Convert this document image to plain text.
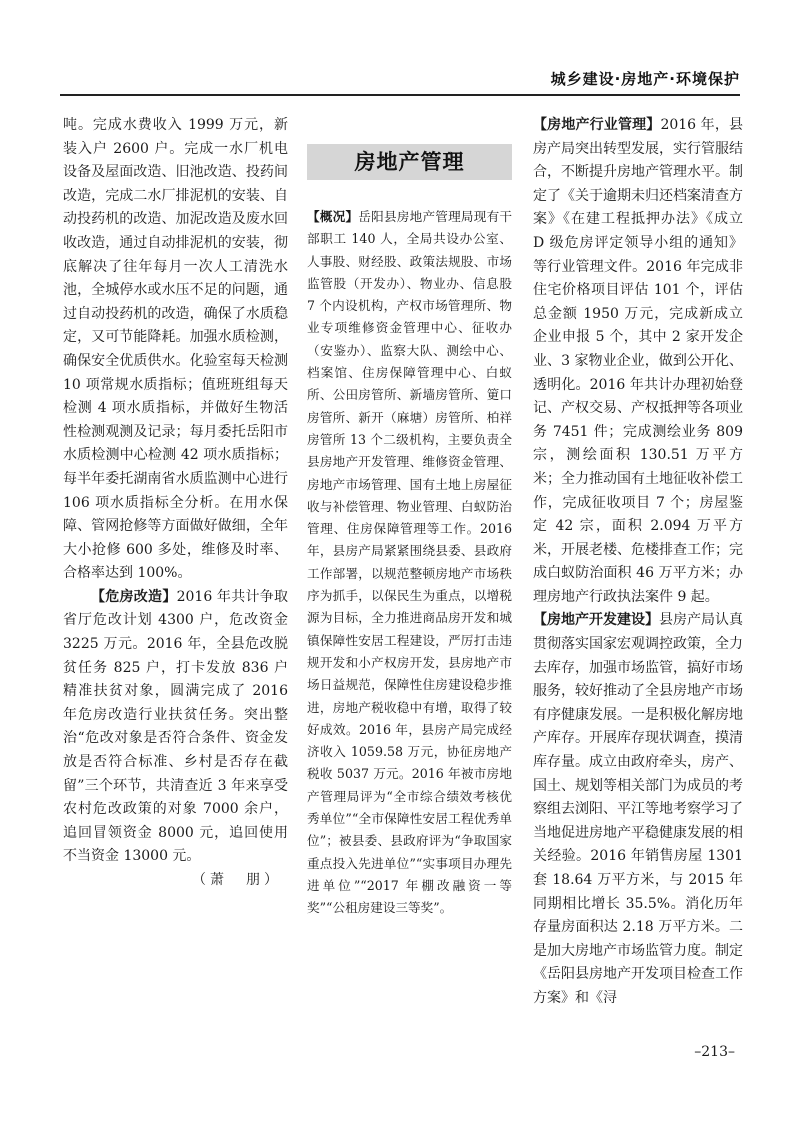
城乡建设·房地产·环境保护

吨。完成水费收入 1999 万元，新装入户 2600 户。完成一水厂机电设备及屋面改造、旧池改造、投药间改造，完成二水厂排泥机的安装、自动投药机的改造、加泥改造及废水回收改造，通过自动排泥机的安装，彻底解决了往年每月一次人工清洗水池，全城停水或水压不足的问题，通过自动投药机的改造，确保了水质稳定，又可节能降耗。加强水质检测，确保安全优质供水。化验室每天检测 10 项常规水质指标；值班班组每天检测 4 项水质指标，并做好生物活性检测观测及记录；每月委托岳阳市水质检测中心检测 42 项水质指标；每半年委托湖南省水质监测中心进行 106 项水质指标全分析。在用水保障、管网抢修等方面做好做细，全年大小抢修 600 多处，维修及时率、合格率达到 100%。

【危房改造】2016 年共计争取省厅危改计划 4300 户，危改资金 3225 万元。2016 年，全县危改脱贫任务 825 户，打卡发放 836 户精准扶贫对象，圆满完成了 2016 年危房改造行业扶贫任务。突出整治“危改对象是否符合条件、资金发放是否符合标准、乡村是否存在截留”三个环节，共清查近 3 年来享受农村危改政策的对象 7000 余户，追回冒领资金 8000 元，追回使用不当资金 13000 元。

（萧　朋）
房地产管理

【概况】岳阳县房地产管理局现有干部职工 140 人，全局共设办公室、人事股、财经股、政策法规股、市场监管股（开发办）、物业办、信息股 7 个内设机构，产权市场管理所、物业专项维修资金管理中心、征收办（安鉴办）、监察大队、测绘中心、档案馆、住房保障管理中心、白蚁所、公田房管所、新墙房管所、筻口房管所、新开（麻塘）房管所、柏祥房管所 13 个二级机构，主要负责全县房地产开发管理、维修资金管理、房地产市场管理、国有土地上房屋征收与补偿管理、物业管理、白蚁防治管理、住房保障管理等工作。2016 年，县房产局紧紧围绕县委、县政府工作部署，以规范整顿房地产市场秩序为抓手，以保民生为重点，以增税源为目标，全力推进商品房开发和城镇保障性安居工程建设，严厉打击违规开发和小产权房开发，县房地产市场日益规范，保障性住房建设稳步推进，房地产税收稳中有增，取得了较好成效。2016 年，县房产局完成经济收入 1059.58 万元，协征房地产税收 5037 万元。2016 年被市房地产管理局评为“全市综合绩效考核优秀单位”“全市保障性安居工程优秀单位”；被县委、县政府评为“争取国家重点投入先进单位”“实事项目办理先进单位”“2017 年棚改融资一等奖”“公租房建设三等奖”。

【房地产行业管理】2016 年，县房产局突出转型发展，实行管服结合，不断提升房地产管理水平。制定了《关于逾期未归还档案清查方案》《在建工程抵押办法》《成立 D 级危房评定领导小组的通知》等行业管理文件。2016 年完成非住宅价格项目评估 101 个，评估总金额 1950 万元，完成新成立企业申报 5 个，其中 2 家开发企业、3 家物业企业，做到公开化、透明化。2016 年共计办理初始登记、产权交易、产权抵押等各项业务 7451 件；完成测绘业务 809 宗，测绘面积 130.51 万平方米；全力推动国有土地征收补偿工作，完成征收项目 7 个；房屋鉴定 42 宗，面积 2.094 万平方米，开展老楼、危楼排查工作；完成白蚁防治面积 46 万平方米；办理房地产行政执法案件 9 起。

【房地产开发建设】县房产局认真贯彻落实国家宏观调控政策，全力去库存，加强市场监管，搞好市场服务，较好推动了全县房地产市场有序健康发展。一是积极化解房地产库存。开展库存现状调查，摸清库存量。成立由政府牵头，房产、国土、规划等相关部门为成员的考察组去浏阳、平江等地考察学习了当地促进房地产平稳健康发展的相关经验。2016 年销售房屋 1301 套 18.64 万平方米，与 2015 年同期相比增长 35.5%。消化历年存量房面积达 2.18 万平方米。二是加大房地产市场监管力度。制定《岳阳县房地产开发项目检查工作方案》和《浔

–213–
